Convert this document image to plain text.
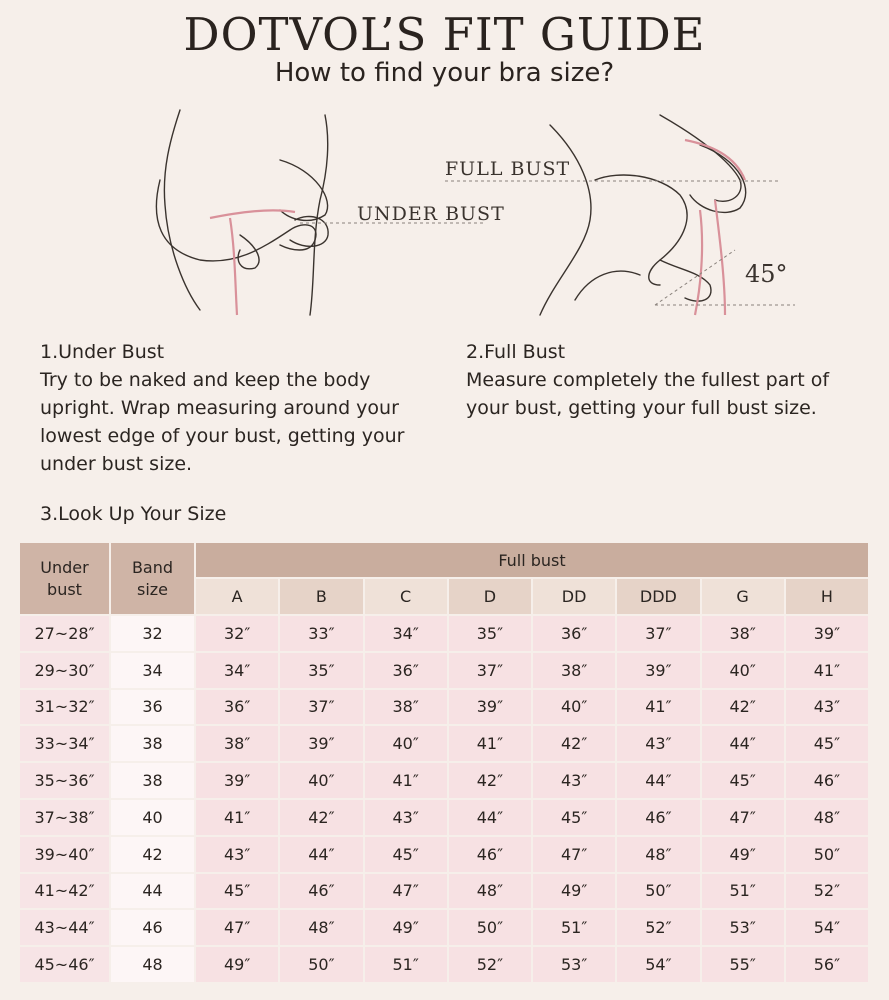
DOTVOL’S FIT GUIDE
How to find your bra size?
UNDER BUST
FULL BUST
45°
1.Under Bust
Try to be naked and keep the body
upright. Wrap measuring around your
lowest edge of your bust, getting your
under bust size.
2.Full Bust
Measure completely the fullest part of
your bust, getting your full bust size.
3.Look Up Your Size
Under bust	Band size	Full bust							
		A	B	C	D	DD	DDD	G	H
27~28″	32	32″	33″	34″	35″	36″	37″	38″	39″
29~30″	34	34″	35″	36″	37″	38″	39″	40″	41″
31~32″	36	36″	37″	38″	39″	40″	41″	42″	43″
33~34″	38	38″	39″	40″	41″	42″	43″	44″	45″
35~36″	38	39″	40″	41″	42″	43″	44″	45″	46″
37~38″	40	41″	42″	43″	44″	45″	46″	47″	48″
39~40″	42	43″	44″	45″	46″	47″	48″	49″	50″
41~42″	44	45″	46″	47″	48″	49″	50″	51″	52″
43~44″	46	47″	48″	49″	50″	51″	52″	53″	54″
45~46″	48	49″	50″	51″	52″	53″	54″	55″	56″
